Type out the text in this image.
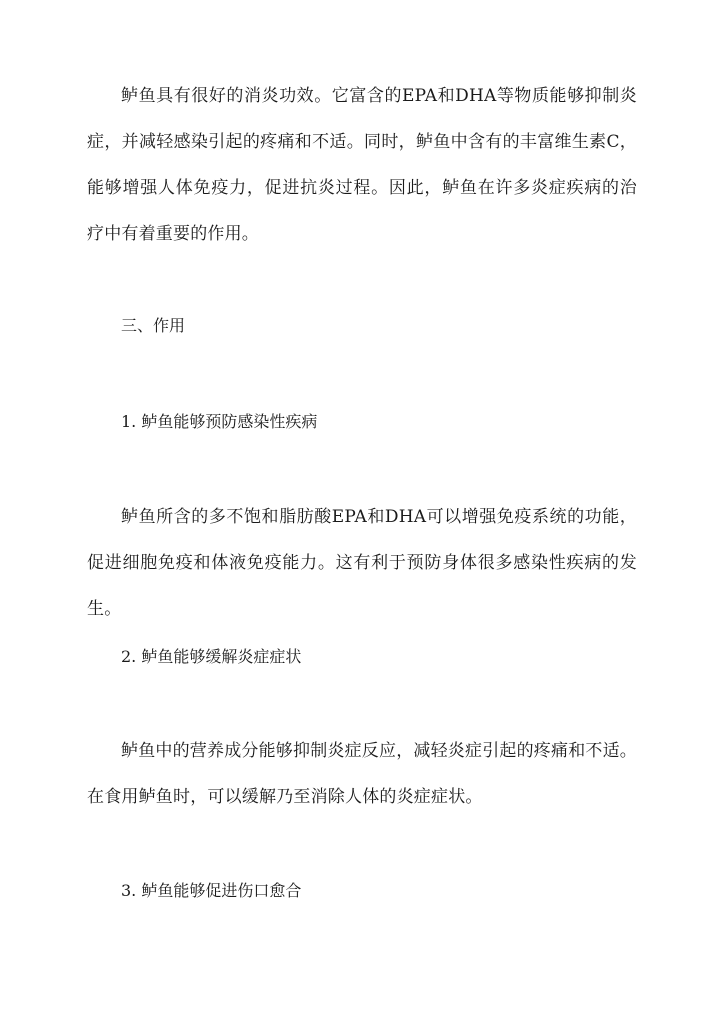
鲈鱼具有很好的消炎功效。它富含的EPA和DHA等物质能够抑制炎症，并减轻感染引起的疼痛和不适。同时，鲈鱼中含有的丰富维生素C，能够增强人体免疫力，促进抗炎过程。因此，鲈鱼在许多炎症疾病的治疗中有着重要的作用。

三、作用

1. 鲈鱼能够预防感染性疾病

鲈鱼所含的多不饱和脂肪酸EPA和DHA可以增强免疫系统的功能，促进细胞免疫和体液免疫能力。这有利于预防身体很多感染性疾病的发生。

2. 鲈鱼能够缓解炎症症状

鲈鱼中的营养成分能够抑制炎症反应，减轻炎症引起的疼痛和不适。在食用鲈鱼时，可以缓解乃至消除人体的炎症症状。

3. 鲈鱼能够促进伤口愈合
